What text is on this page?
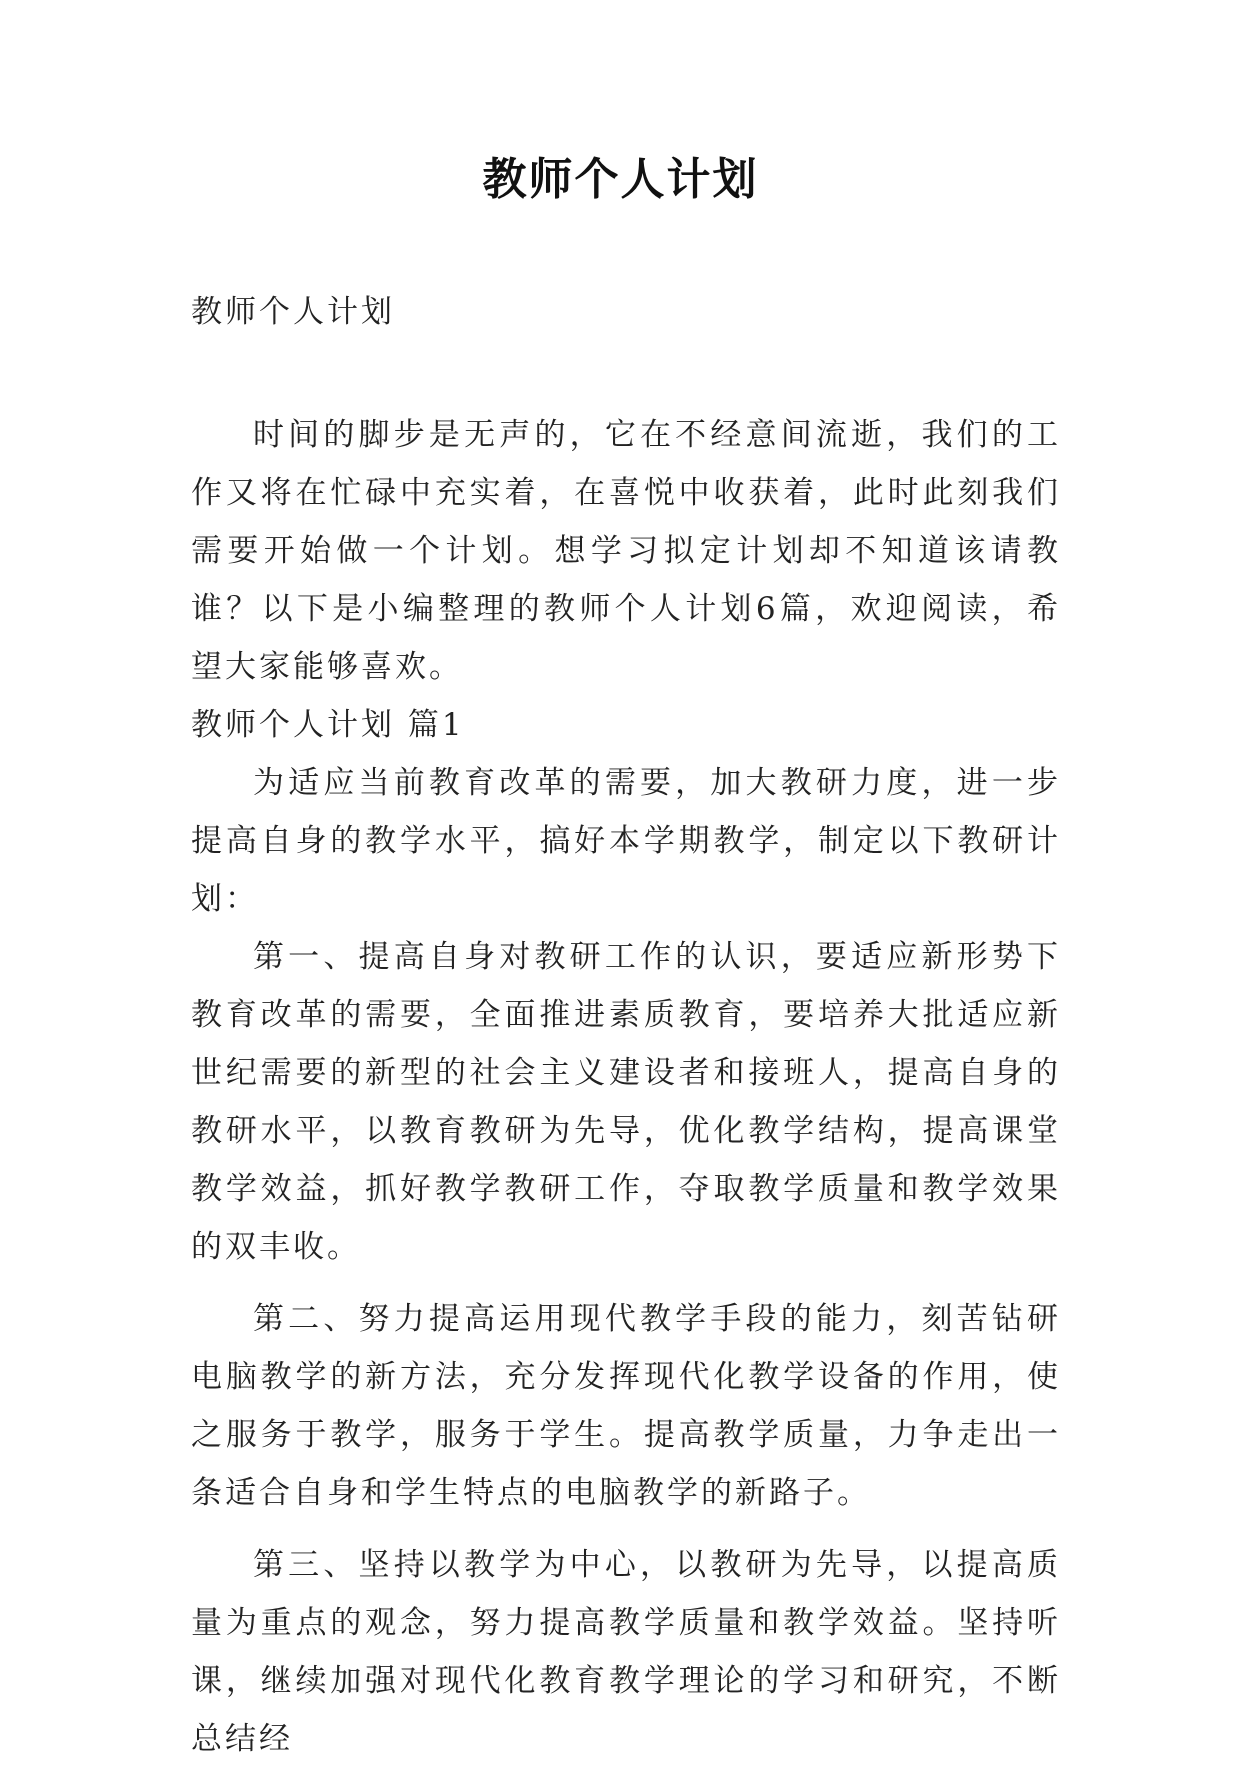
教师个人计划
教师个人计划

时间的脚步是无声的，它在不经意间流逝，我们的工作又将在忙碌中充实着，在喜悦中收获着，此时此刻我们需要开始做一个计划。想学习拟定计划却不知道该请教谁？以下是小编整理的教师个人计划6篇，欢迎阅读，希望大家能够喜欢。

教师个人计划 篇1

为适应当前教育改革的需要，加大教研力度，进一步提高自身的教学水平，搞好本学期教学，制定以下教研计划：

第一、提高自身对教研工作的认识，要适应新形势下教育改革的需要，全面推进素质教育，要培养大批适应新世纪需要的新型的社会主义建设者和接班人，提高自身的教研水平，以教育教研为先导，优化教学结构，提高课堂教学效益，抓好教学教研工作，夺取教学质量和教学效果的双丰收。

第二、努力提高运用现代教学手段的能力，刻苦钻研电脑教学的新方法，充分发挥现代化教学设备的作用，使之服务于教学，服务于学生。提高教学质量，力争走出一条适合自身和学生特点的电脑教学的新路子。

第三、坚持以教学为中心，以教研为先导，以提高质量为重点的观念，努力提高教学质量和教学效益。坚持听课，继续加强对现代化教育教学理论的学习和研究，不断总结经
